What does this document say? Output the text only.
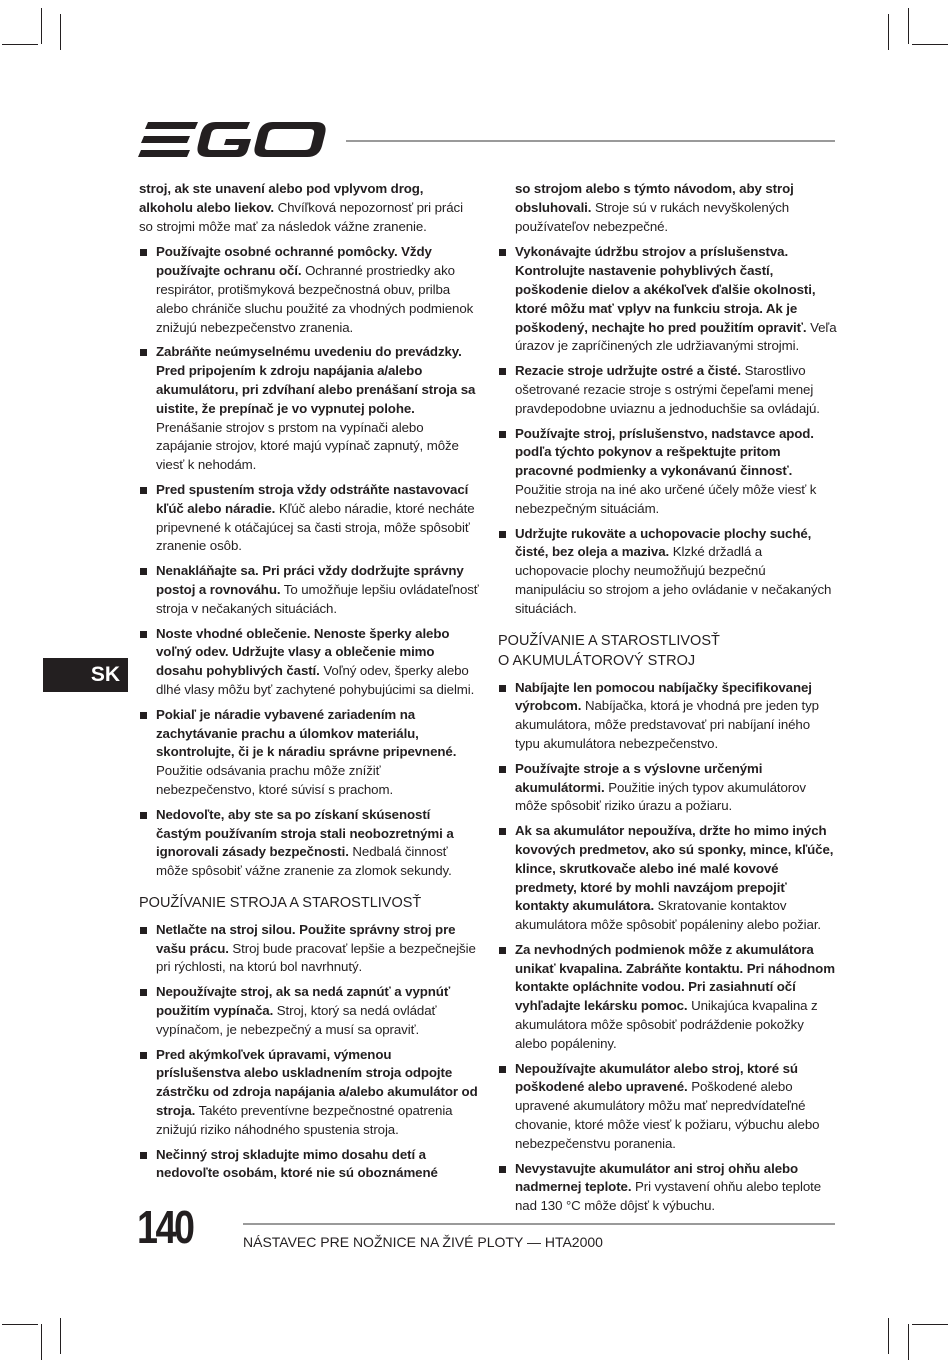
SK

stroj, ak ste unavení alebo pod vplyvom drog, alkoholu alebo liekov. Chvíľková nepozornosť pri práci so strojmi môže mať za následok vážne zranenie.

Používajte osobné ochranné pomôcky. Vždy používajte ochranu očí. Ochranné prostriedky ako respirátor, protišmyková bezpečnostná obuv, prilba alebo chrániče sluchu použité za vhodných podmienok znižujú nebezpečenstvo zranenia.
Zabráňte neúmyselnému uvedeniu do prevádzky. Pred pripojením k zdroju napájania a/alebo akumulátoru, pri zdvíhaní alebo prenášaní stroja sa uistite, že prepínač je vo vypnutej polohe. Prenášanie strojov s prstom na vypínači alebo zapájanie strojov, ktoré majú vypínač zapnutý, môže viesť k nehodám.
Pred spustením stroja vždy odstráňte nastavovací kľúč alebo náradie. Kľúč alebo náradie, ktoré necháte pripevnené k otáčajúcej sa časti stroja, môže spôsobiť zranenie osôb.
Nenakláňajte sa. Pri práci vždy dodržujte správny postoj a rovnováhu. To umožňuje lepšiu ovládateľnosť stroja v nečakaných situáciách.
Noste vhodné oblečenie. Nenoste šperky alebo voľný odev. Udržujte vlasy a oblečenie mimo dosahu pohyblivých častí. Voľný odev, šperky alebo dlhé vlasy môžu byť zachytené pohybujúcimi sa dielmi.
Pokiaľ je náradie vybavené zariadením na zachytávanie prachu a úlomkov materiálu, skontrolujte, či je k náradiu správne pripevnené. Použitie odsávania prachu môže znížiť nebezpečenstvo, ktoré súvisí s prachom.
Nedovoľte, aby ste sa po získaní skúseností častým používaním stroja stali neobozretnými a ignorovali zásady bezpečnosti. Nedbalá činnosť môže spôsobiť vážne zranenie za zlomok sekundy.
POUŽÍVANIE STROJA A STAROSTLIVOSŤ
Netlačte na stroj silou. Použite správny stroj pre vašu prácu. Stroj bude pracovať lepšie a bezpečnejšie pri rýchlosti, na ktorú bol navrhnutý.
Nepoužívajte stroj, ak sa nedá zapnúť a vypnúť použitím vypínača. Stroj, ktorý sa nedá ovládať vypínačom, je nebezpečný a musí sa opraviť.
Pred akýmkoľvek úpravami, výmenou príslušenstva alebo uskladnením stroja odpojte zástrčku od zdroja napájania a/alebo akumulátor od stroja. Takéto preventívne bezpečnostné opatrenia znižujú riziko náhodného spustenia stroja.
Nečinný stroj skladujte mimo dosahu detí a nedovoľte osobám, ktoré nie sú oboznámené

so strojom alebo s týmto návodom, aby stroj obsluhovali. Stroje sú v rukách nevyškolených používateľov nebezpečné.

Vykonávajte údržbu strojov a príslušenstva. Kontrolujte nastavenie pohyblivých častí, poškodenie dielov a akékoľvek ďalšie okolnosti, ktoré môžu mať vplyv na funkciu stroja. Ak je poškodený, nechajte ho pred použitím opraviť. Veľa úrazov je zapríčinených zle udržiavanými strojmi.
Rezacie stroje udržujte ostré a čisté. Starostlivo ošetrované rezacie stroje s ostrými čepeľami menej pravdepodobne uviaznu a jednoduchšie sa ovládajú.
Používajte stroj, príslušenstvo, nadstavce apod. podľa týchto pokynov a rešpektujte pritom pracovné podmienky a vykonávanú činnosť. Použitie stroja na iné ako určené účely môže viesť k nebezpečným situáciám.
Udržujte rukoväte a uchopovacie plochy suché, čisté, bez oleja a maziva. Klzké držadlá a uchopovacie plochy neumožňujú bezpečnú manipuláciu so strojom a jeho ovládanie v nečakaných situáciách.
POUŽÍVANIE A STAROSTLIVOSŤ
O AKUMULÁTOROVÝ STROJ
Nabíjajte len pomocou nabíjačky špecifikovanej výrobcom. Nabíjačka, ktorá je vhodná pre jeden typ akumulátora, môže predstavovať pri nabíjaní iného typu akumulátora nebezpečenstvo.
Používajte stroje a s výslovne určenými akumulátormi. Použitie iných typov akumulátorov môže spôsobiť riziko úrazu a požiaru.
Ak sa akumulátor nepoužíva, držte ho mimo iných kovových predmetov, ako sú sponky, mince, kľúče, klince, skrutkovače alebo iné malé kovové predmety, ktoré by mohli navzájom prepojiť kontakty akumulátora. Skratovanie kontaktov akumulátora môže spôsobiť popáleniny alebo požiar.
Za nevhodných podmienok môže z akumulátora unikať kvapalina. Zabráňte kontaktu. Pri náhodnom kontakte opláchnite vodou. Pri zasiahnutí očí vyhľadajte lekársku pomoc. Unikajúca kvapalina z akumulátora môže spôsobiť podráždenie pokožky alebo popáleniny.
Nepoužívajte akumulátor alebo stroj, ktoré sú poškodené alebo upravené. Poškodené alebo upravené akumulátory môžu mať nepredvídateľné chovanie, ktoré môže viesť k požiaru, výbuchu alebo nebezpečenstvu poranenia.
Nevystavujte akumulátor ani stroj ohňu alebo nadmernej teplote. Pri vystavení ohňu alebo teplote nad 130 °C môže dôjsť k výbuchu.
140	NÁSTAVEC PRE NOŽNICE NA ŽIVÉ PLOTY — HTA2000
